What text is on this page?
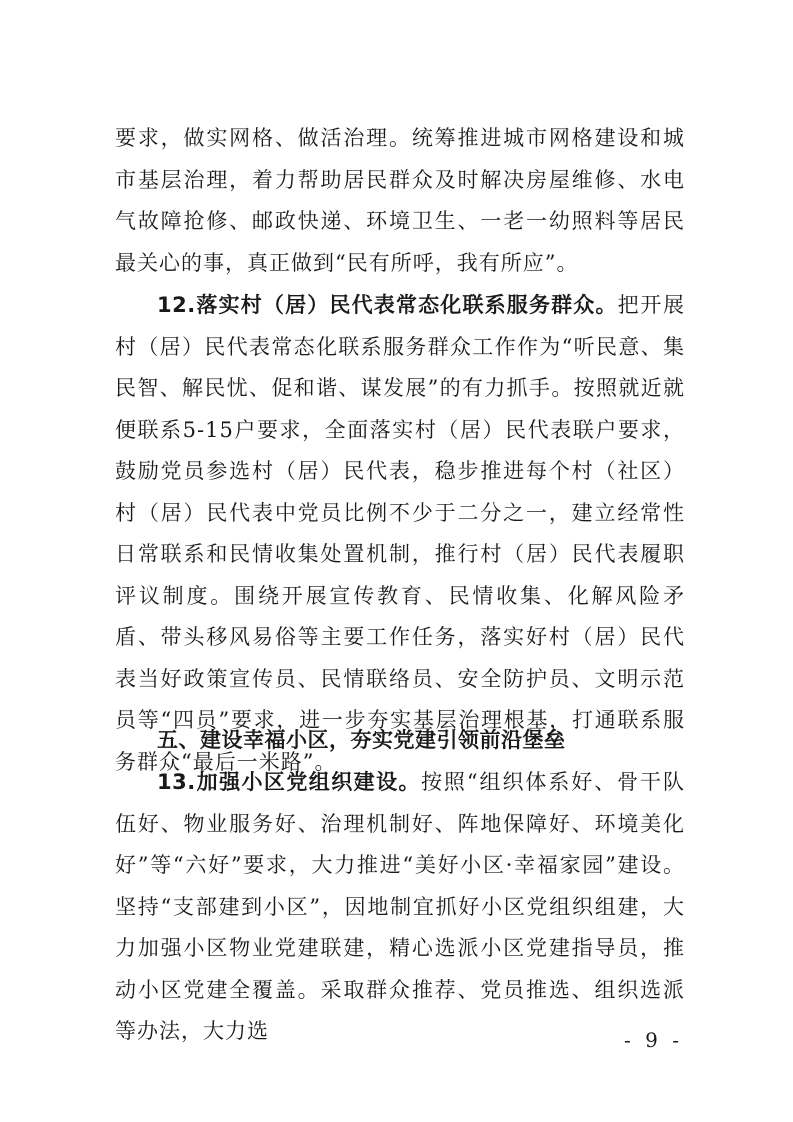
要求，做实网格、做活治理。统筹推进城市网格建设和城市基层治理，着力帮助居民群众及时解决房屋维修、水电气故障抢修、邮政快递、环境卫生、一老一幼照料等居民最关心的事，真正做到“民有所呼，我有所应”。

12.落实村（居）民代表常态化联系服务群众。把开展村（居）民代表常态化联系服务群众工作作为“听民意、集民智、解民忧、促和谐、谋发展”的有力抓手。按照就近就便联系5-15户要求，全面落实村（居）民代表联户要求，鼓励党员参选村（居）民代表，稳步推进每个村（社区）村（居）民代表中党员比例不少于二分之一，建立经常性日常联系和民情收集处置机制，推行村（居）民代表履职评议制度。围绕开展宣传教育、民情收集、化解风险矛盾、带头移风易俗等主要工作任务，落实好村（居）民代表当好政策宣传员、民情联络员、安全防护员、文明示范员等“四员”要求，进一步夯实基层治理根基，打通联系服务群众“最后一米路”。

五、建设幸福小区，夯实党建引领前沿堡垒

13.加强小区党组织建设。按照“组织体系好、骨干队伍好、物业服务好、治理机制好、阵地保障好、环境美化好”等“六好”要求，大力推进“美好小区·幸福家园”建设。坚持“支部建到小区”，因地制宜抓好小区党组织组建，大力加强小区物业党建联建，精心选派小区党建指导员，推动小区党建全覆盖。采取群众推荐、党员推选、组织选派等办法，大力选	- 9 -
